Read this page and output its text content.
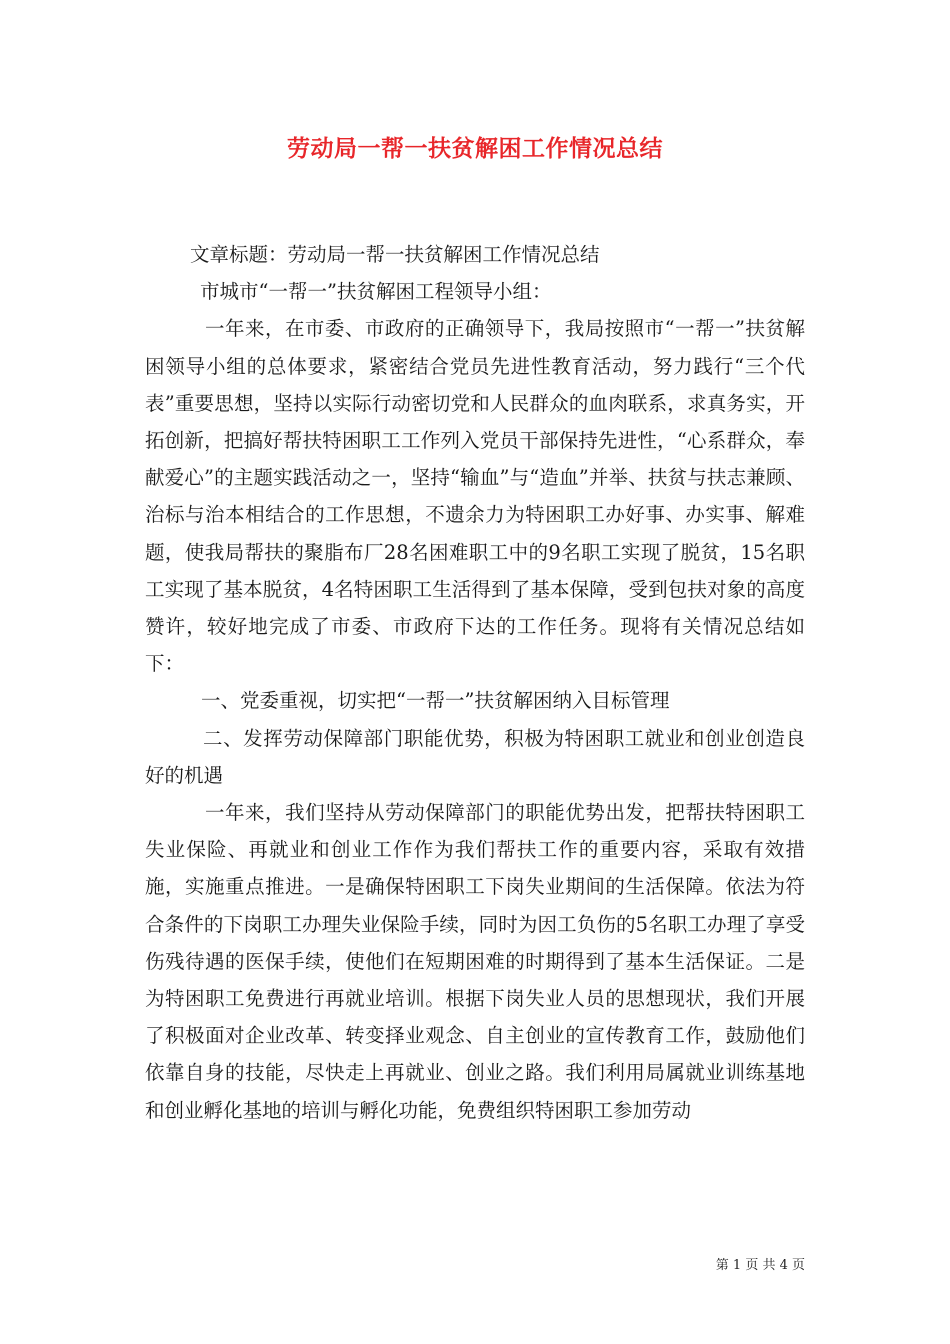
劳动局一帮一扶贫解困工作情况总结

文章标题：劳动局一帮一扶贫解困工作情况总结

市城市“一帮一”扶贫解困工程领导小组：

一年来，在市委、市政府的正确领导下，我局按照市“一帮一”扶贫解困领导小组的总体要求，紧密结合党员先进性教育活动，努力践行“三个代表”重要思想，坚持以实际行动密切党和人民群众的血肉联系，求真务实，开拓创新，把搞好帮扶特困职工工作列入党员干部保持先进性，“心系群众，奉献爱心”的主题实践活动之一，坚持“输血”与“造血”并举、扶贫与扶志兼顾、治标与治本相结合的工作思想，不遗余力为特困职工办好事、办实事、解难题，使我局帮扶的聚脂布厂28名困难职工中的9名职工实现了脱贫，15名职工实现了基本脱贫，4名特困职工生活得到了基本保障，受到包扶对象的高度赞许，较好地完成了市委、市政府下达的工作任务。现将有关情况总结如下：

一、党委重视，切实把“一帮一”扶贫解困纳入目标管理

二、发挥劳动保障部门职能优势，积极为特困职工就业和创业创造良好的机遇

一年来，我们坚持从劳动保障部门的职能优势出发，把帮扶特困职工失业保险、再就业和创业工作作为我们帮扶工作的重要内容，采取有效措施，实施重点推进。一是确保特困职工下岗失业期间的生活保障。依法为符合条件的下岗职工办理失业保险手续，同时为因工负伤的5名职工办理了享受伤残待遇的医保手续，使他们在短期困难的时期得到了基本生活保证。二是为特困职工免费进行再就业培训。根据下岗失业人员的思想现状，我们开展了积极面对企业改革、转变择业观念、自主创业的宣传教育工作，鼓励他们依靠自身的技能，尽快走上再就业、创业之路。我们利用局属就业训练基地和创业孵化基地的培训与孵化功能，免费组织特困职工参加劳动

第 1 页 共 4 页
